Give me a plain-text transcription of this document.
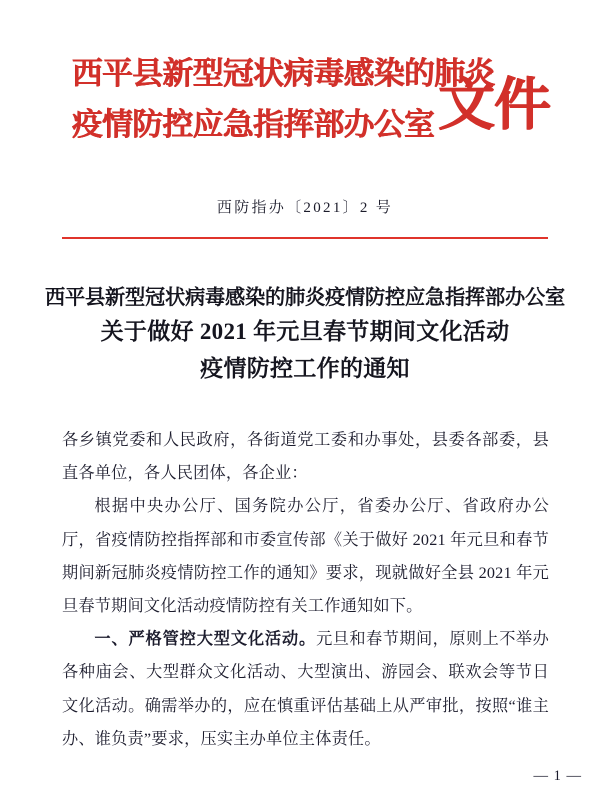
西平县新型冠状病毒感染的肺炎
疫情防控应急指挥部办公室 文件
西防指办〔2021〕2 号
西平县新型冠状病毒感染的肺炎疫情防控应急指挥部办公室
关于做好 2021 年元旦春节期间文化活动
疫情防控工作的通知

各乡镇党委和人民政府，各街道党工委和办事处，县委各部委，县直各单位，各人民团体，各企业：

根据中央办公厅、国务院办公厅，省委办公厅、省政府办公厅，省疫情防控指挥部和市委宣传部《关于做好 2021 年元旦和春节期间新冠肺炎疫情防控工作的通知》要求，现就做好全县 2021 年元旦春节期间文化活动疫情防控有关工作通知如下。

一、严格管控大型文化活动。元旦和春节期间，原则上不举办各种庙会、大型群众文化活动、大型演出、游园会、联欢会等节日文化活动。确需举办的，应在慎重评估基础上从严审批，按照“谁主办、谁负责”要求，压实主办单位主体责任。

— 1 —
